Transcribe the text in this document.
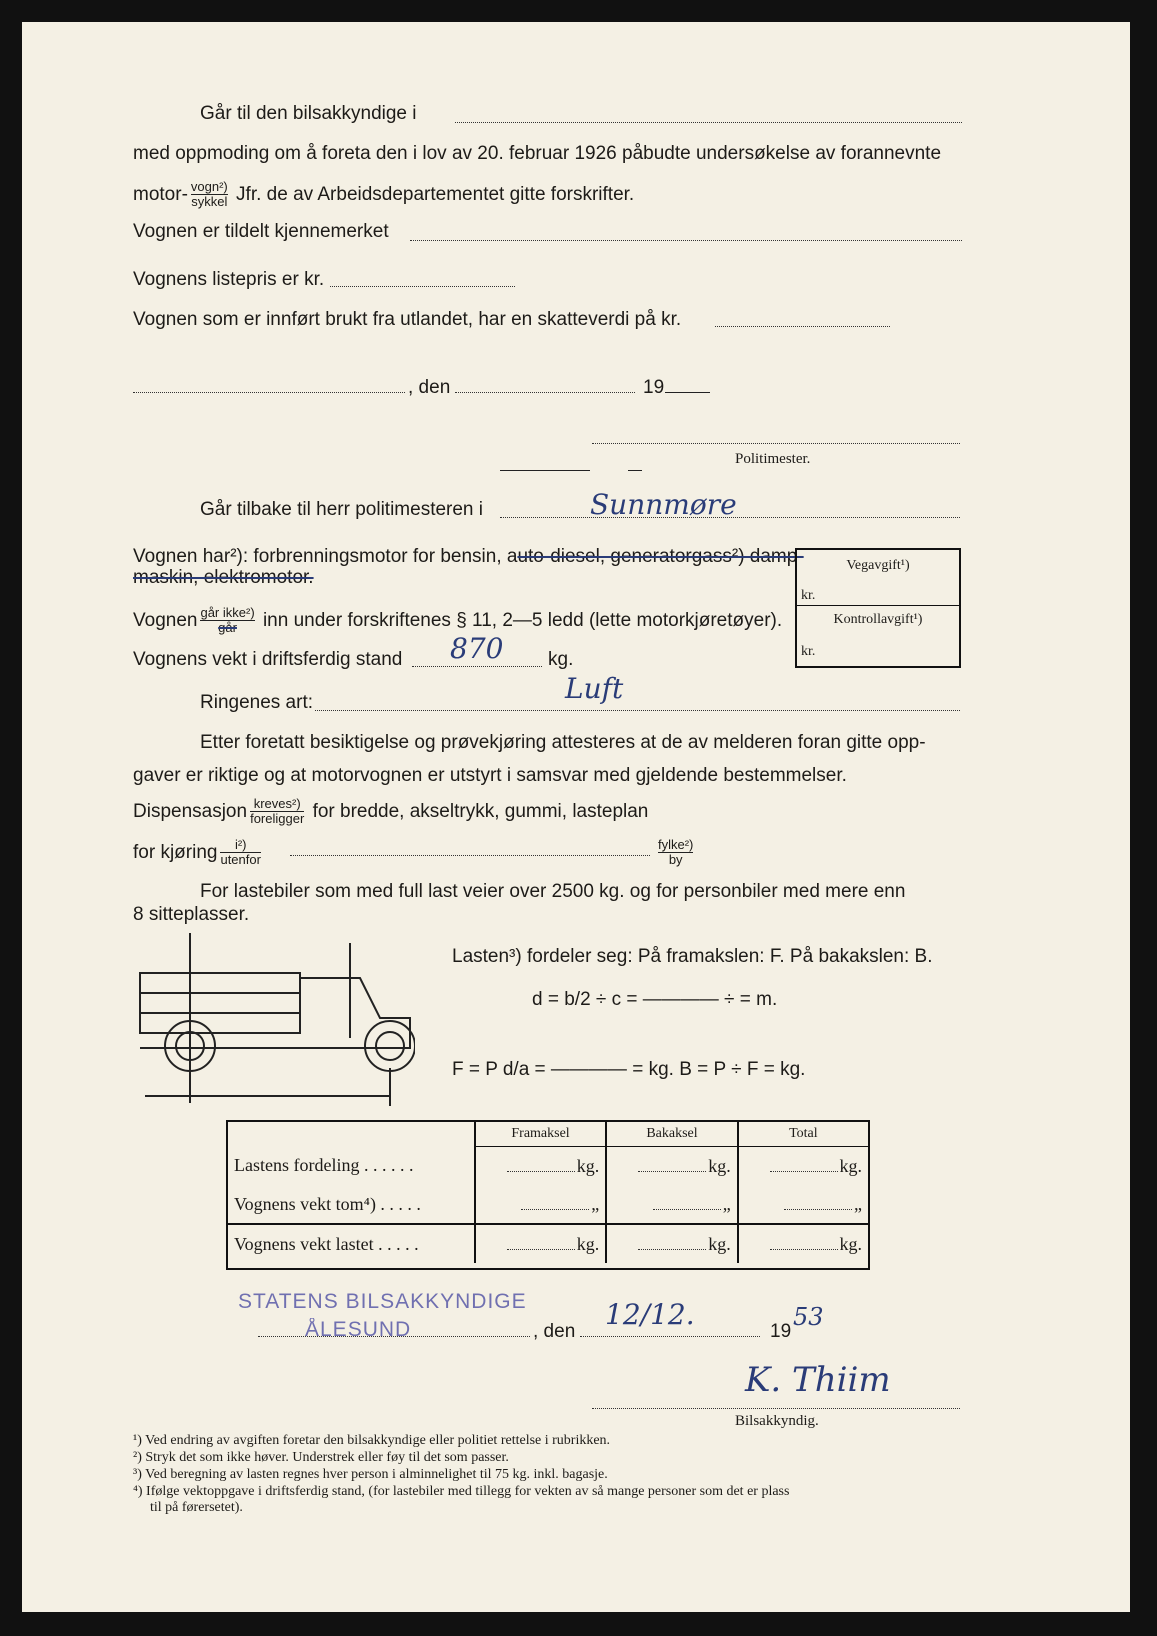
Går til den bilsakkyndige i
med oppmoding om å foreta den i lov av 20. februar 1926 påbudte undersøkelse av forannevnte
motor- $\frac{\text{vogn²)}}{\text{sykkel}}$ Jfr. de av Arbeidsdepartementet gitte forskrifter.
Vognen er tildelt kjennemerket
Vognens listepris er kr.
Vognen som er innført brukt fra utlandet, har en skatteverdi på kr.
, den	19
Politimester.
Går tilbake til herr politimesteren i	Sunnmøre
Vognen har²): forbrenningsmotor for bensin, auto-diesel, generatorgass²) damp-
maskin, elektromotor.
Vegavgift¹)
kr.
Kontrollavgift¹)
kr.
Vognen $\frac{\text{går ikke²)}}{\text{går}}$ inn under forskriftenes § 11, 2—5 ledd (lette motorkjøretøyer).
Vognens vekt i driftsferdig stand 870 kg.
Ringenes art:	Luft
Etter foretatt besiktigelse og prøvekjøring attesteres at de av melderen foran gitte opp-
gaver er riktige og at motorvognen er utstyrt i samsvar med gjeldende bestemmelser.
Dispensasjon $\frac{\text{kreves²)}}{\text{foreligger}}$ for bredde, akseltrykk, gummi, lasteplan
for kjøring $\frac{\text{i²)}}{\text{utenfor}}$	$\frac{\text{fylke²)}}{by}$
For lastebiler som med full last veier over 2500 kg. og for personbiler med mere enn
8 sitteplasser.
Lasten³) fordeler seg: På framakslen: F. På bakakslen: B.
d = b/2 ÷ c = ———— ÷ = m.
F = P d/a = ———— = kg. B = P ÷ F = kg.
	Framaksel	Bakaksel	Total
Lastens fordeling . . . . . .	kg.	kg.	kg.
Vognens vekt tom⁴) . . . . .	„	„	„
Vognens vekt lastet . . . . .	kg.	kg.	kg.
STATENS BILSAKKYNDIGE
ÅLESUND	, den
12/12.
19
53
K. Thiim
Bilsakkyndig.
¹) Ved endring av avgiften foretar den bilsakkyndige eller politiet rettelse i rubrikken.
²) Stryk det som ikke høver. Understrek eller føy til det som passer.
³) Ved beregning av lasten regnes hver person i alminnelighet til 75 kg. inkl. bagasje.
⁴) Ifølge vektoppgave i driftsferdig stand, (for lastebiler med tillegg for vekten av så mange personer som det er plass
til på førersetet).
